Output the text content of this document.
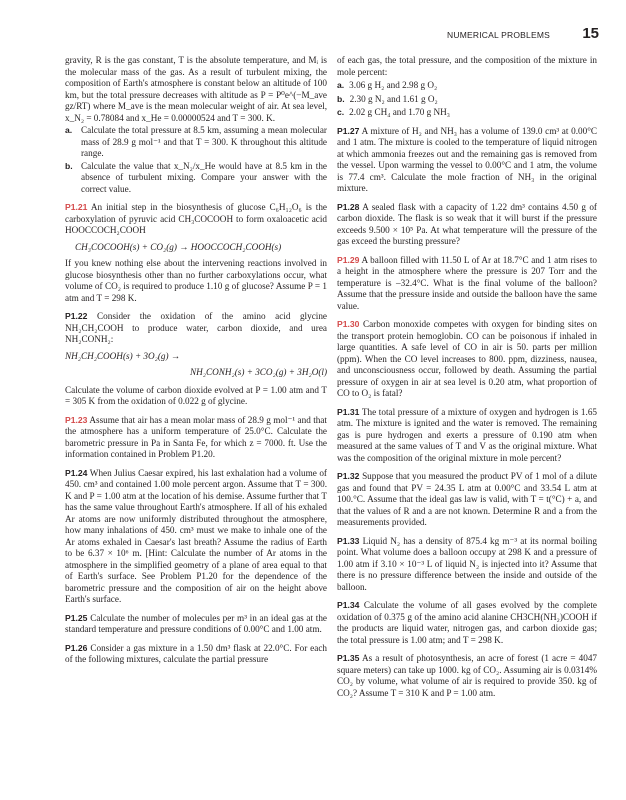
NUMERICAL PROBLEMS 15

gravity, R is the gas constant, T is the absolute temperature, and Mᵢ is the molecular mass of the gas. As a result of turbulent mixing, the composition of Earth's atmosphere is constant below an altitude of 100 km, but the total pressure decreases with altitude as P = P⁰e^(−M_ave gz/RT) where M_ave is the mean molecular weight of air. At sea level, x_N₂ = 0.78084 and x_He = 0.00000524 and T = 300. K.

a. Calculate the total pressure at 8.5 km, assuming a mean molecular mass of 28.9 g mol⁻¹ and that T = 300. K throughout this altitude range.
b. Calculate the value that x_N₂/x_He would have at 8.5 km in the absence of turbulent mixing. Compare your answer with the correct value.

P1.21 An initial step in the biosynthesis of glucose C₆H₁₂O₆ is the carboxylation of pyruvic acid CH₃COCOOH to form oxaloacetic acid HOOCCOCH₂COOH

CH₃COCOOH(s) + CO₂(g) → HOOCCOCH₂COOH(s)

If you knew nothing else about the intervening reactions involved in glucose biosynthesis other than no further carboxylations occur, what volume of CO₂ is required to produce 1.10 g of glucose? Assume P = 1 atm and T = 298 K.

P1.22 Consider the oxidation of the amino acid glycine NH₂CH₂COOH to produce water, carbon dioxide, and urea NH₂CONH₂:

NH₂CH₂COOH(s) + 3O₂(g) →
NH₂CONH₂(s) + 3CO₂(g) + 3H₂O(l)

Calculate the volume of carbon dioxide evolved at P = 1.00 atm and T = 305 K from the oxidation of 0.022 g of glycine.

P1.23 Assume that air has a mean molar mass of 28.9 g mol⁻¹ and that the atmosphere has a uniform temperature of 25.0°C. Calculate the barometric pressure in Pa in Santa Fe, for which z = 7000. ft. Use the information contained in Problem P1.20.

P1.24 When Julius Caesar expired, his last exhalation had a volume of 450. cm³ and contained 1.00 mole percent argon. Assume that T = 300. K and P = 1.00 atm at the location of his demise. Assume further that T has the same value throughout Earth's atmosphere. If all of his exhaled Ar atoms are now uniformly distributed throughout the atmosphere, how many inhalations of 450. cm³ must we make to inhale one of the Ar atoms exhaled in Caesar's last breath? Assume the radius of Earth to be 6.37 × 10⁶ m. [Hint: Calculate the number of Ar atoms in the atmosphere in the simplified geometry of a plane of area equal to that of Earth's surface. See Problem P1.20 for the dependence of the barometric pressure and the composition of air on the height above Earth's surface.

P1.25 Calculate the number of molecules per m³ in an ideal gas at the standard temperature and pressure conditions of 0.00°C and 1.00 atm.

P1.26 Consider a gas mixture in a 1.50 dm³ flask at 22.0°C. For each of the following mixtures, calculate the partial pressure

of each gas, the total pressure, and the composition of the mixture in mole percent:

a. 3.06 g H₂ and 2.98 g O₂
b. 2.30 g N₂ and 1.61 g O₂
c. 2.02 g CH₄ and 1.70 g NH₃

P1.27 A mixture of H₂ and NH₃ has a volume of 139.0 cm³ at 0.00°C and 1 atm. The mixture is cooled to the temperature of liquid nitrogen at which ammonia freezes out and the remaining gas is removed from the vessel. Upon warming the vessel to 0.00°C and 1 atm, the volume is 77.4 cm³. Calculate the mole fraction of NH₃ in the original mixture.

P1.28 A sealed flask with a capacity of 1.22 dm³ contains 4.50 g of carbon dioxide. The flask is so weak that it will burst if the pressure exceeds 9.500 × 10⁵ Pa. At what temperature will the pressure of the gas exceed the bursting pressure?

P1.29 A balloon filled with 11.50 L of Ar at 18.7°C and 1 atm rises to a height in the atmosphere where the pressure is 207 Torr and the temperature is –32.4°C. What is the final volume of the balloon? Assume that the pressure inside and outside the balloon have the same value.

P1.30 Carbon monoxide competes with oxygen for binding sites on the transport protein hemoglobin. CO can be poisonous if inhaled in large quantities. A safe level of CO in air is 50. parts per million (ppm). When the CO level increases to 800. ppm, dizziness, nausea, and unconsciousness occur, followed by death. Assuming the partial pressure of oxygen in air at sea level is 0.20 atm, what proportion of CO to O₂ is fatal?

P1.31 The total pressure of a mixture of oxygen and hydrogen is 1.65 atm. The mixture is ignited and the water is removed. The remaining gas is pure hydrogen and exerts a pressure of 0.190 atm when measured at the same values of T and V as the original mixture. What was the composition of the original mixture in mole percent?

P1.32 Suppose that you measured the product PV of 1 mol of a dilute gas and found that PV = 24.35 L atm at 0.00°C and 33.54 L atm at 100.°C. Assume that the ideal gas law is valid, with T = t(°C) + a, and that the values of R and a are not known. Determine R and a from the measurements provided.

P1.33 Liquid N₂ has a density of 875.4 kg m⁻³ at its normal boiling point. What volume does a balloon occupy at 298 K and a pressure of 1.00 atm if 3.10 × 10⁻³ L of liquid N₂ is injected into it? Assume that there is no pressure difference between the inside and outside of the balloon.

P1.34 Calculate the volume of all gases evolved by the complete oxidation of 0.375 g of the amino acid alanine CH3CH(NH₂)COOH if the products are liquid water, nitrogen gas, and carbon dioxide gas; the total pressure is 1.00 atm; and T = 298 K.

P1.35 As a result of photosynthesis, an acre of forest (1 acre = 4047 square meters) can take up 1000. kg of CO₂. Assuming air is 0.0314% CO₂ by volume, what volume of air is required to provide 350. kg of CO₂? Assume T = 310 K and P = 1.00 atm.
